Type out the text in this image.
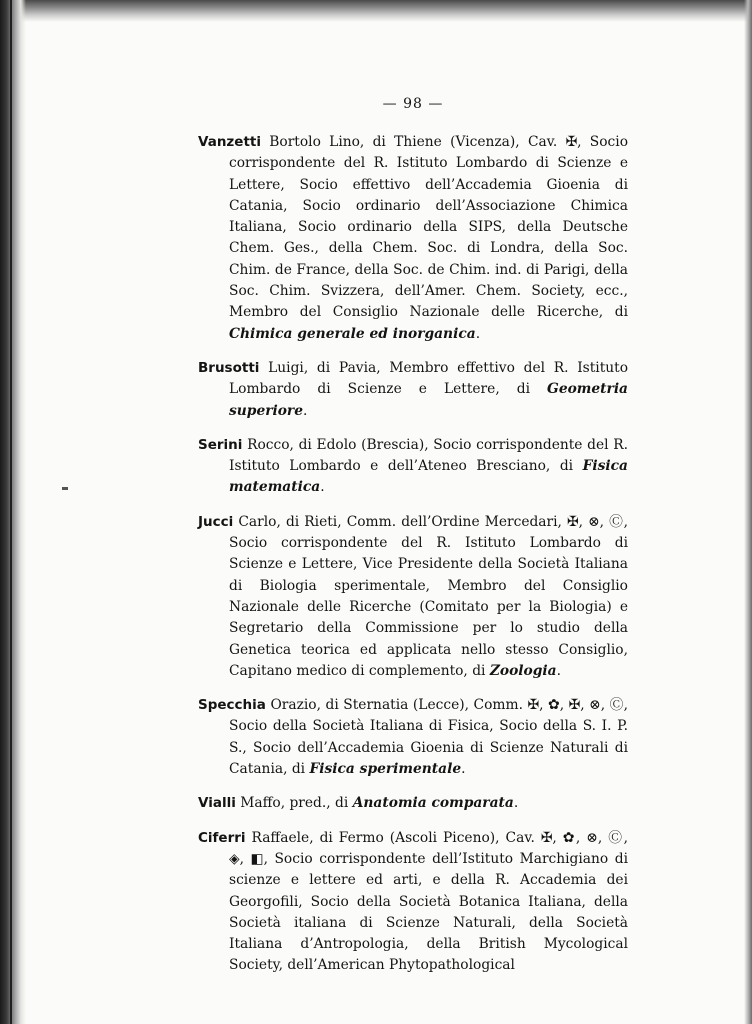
— 98 —

Vanzetti Bortolo Lino, di Thiene (Vicenza), Cav. ✠, Socio corrispondente del R. Istituto Lombardo di Scienze e Lettere, Socio effettivo dell’Accademia Gioenia di Catania, Socio ordinario dell’Associazione Chimica Italiana, Socio ordinario della SIPS, della Deutsche Chem. Ges., della Chem. Soc. di Londra, della Soc. Chim. de France, della Soc. de Chim. ind. di Parigi, della Soc. Chim. Svizzera, dell’Amer. Chem. Society, ecc., Membro del Consiglio Nazionale delle Ricerche, di Chimica generale ed inorganica.

Brusotti Luigi, di Pavia, Membro effettivo del R. Istituto Lombardo di Scienze e Lettere, di Geometria superiore.

Serini Rocco, di Edolo (Brescia), Socio corrispondente del R. Istituto Lombardo e dell’Ateneo Bresciano, di Fisica matematica.

Jucci Carlo, di Rieti, Comm. dell’Ordine Mercedari, ✠, ⊗, Ⓒ, Socio corrispondente del R. Istituto Lombardo di Scienze e Lettere, Vice Presidente della Società Italiana di Biologia sperimentale, Membro del Consiglio Nazionale delle Ricerche (Comitato per la Biologia) e Segretario della Commissione per lo studio della Genetica teorica ed applicata nello stesso Consiglio, Capitano medico di complemento, di Zoologia.

Specchia Orazio, di Sternatia (Lecce), Comm. ✠, ✿, ✠, ⊗, Ⓒ, Socio della Società Italiana di Fisica, Socio della S. I. P. S., Socio dell’Accademia Gioenia di Scienze Naturali di Catania, di Fisica sperimentale.

Vialli Maffo, pred., di Anatomia comparata.

Ciferri Raffaele, di Fermo (Ascoli Piceno), Cav. ✠, ✿, ⊗, Ⓒ, ◈, ◧, Socio corrispondente dell’Istituto Marchigiano di scienze e lettere ed arti, e della R. Accademia dei Georgofili, Socio della Società Botanica Italiana, della Società italiana di Scienze Naturali, della Società Italiana d’Antropologia, della British Mycological Society, dell’American Phytopathological
